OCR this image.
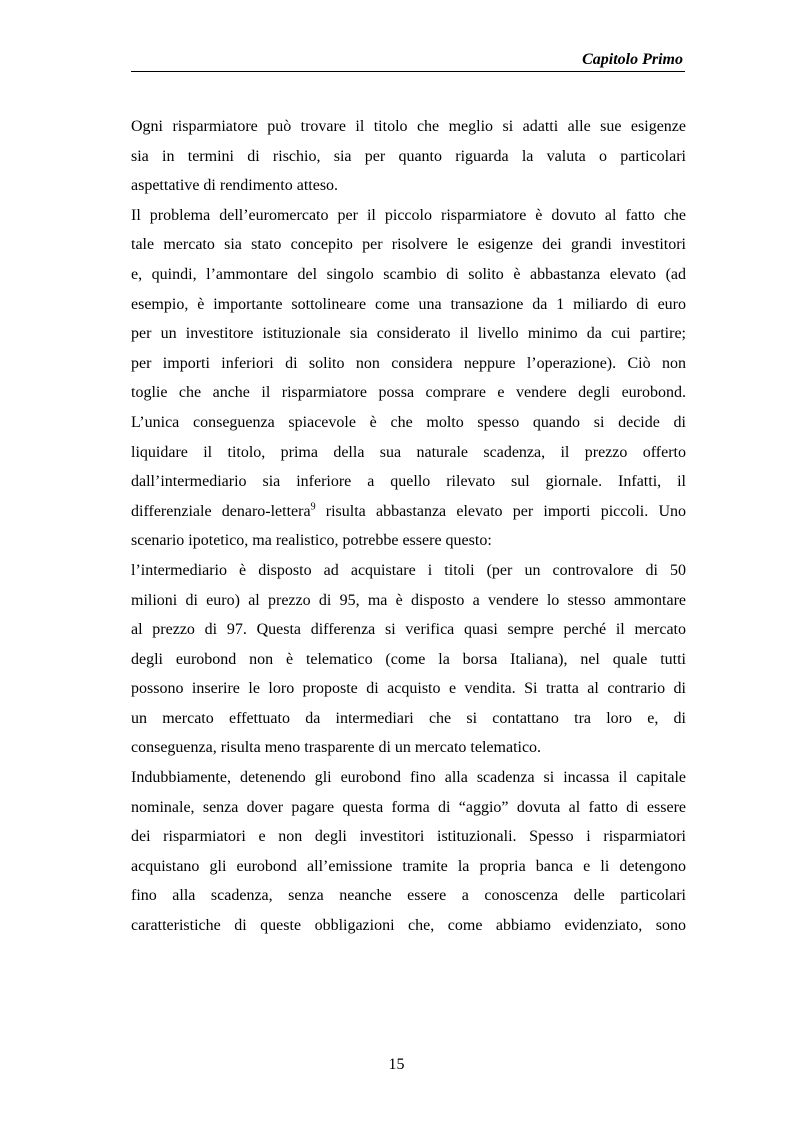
Capitolo Primo

Ogni risparmiatore può trovare il titolo che meglio si adatti alle sue esigenze
sia in termini di rischio, sia per quanto riguarda la valuta o particolari
aspettative di rendimento atteso.

Il problema dell’euromercato per il piccolo risparmiatore è dovuto al fatto che
tale mercato sia stato concepito per risolvere le esigenze dei grandi investitori
e, quindi, l’ammontare del singolo scambio di solito è abbastanza elevato (ad
esempio, è importante sottolineare come una transazione da 1 miliardo di euro
per un investitore istituzionale sia considerato il livello minimo da cui partire;
per importi inferiori di solito non considera neppure l’operazione). Ciò non
toglie che anche il risparmiatore possa comprare e vendere degli eurobond.
L’unica conseguenza spiacevole è che molto spesso quando si decide di
liquidare il titolo, prima della sua naturale scadenza, il prezzo offerto
dall’intermediario sia inferiore a quello rilevato sul giornale. Infatti, il
differenziale denaro-lettera$^9$ risulta abbastanza elevato per importi piccoli. Uno
scenario ipotetico, ma realistico, potrebbe essere questo:

l’intermediario è disposto ad acquistare i titoli (per un controvalore di 50
milioni di euro) al prezzo di 95, ma è disposto a vendere lo stesso ammontare
al prezzo di 97. Questa differenza si verifica quasi sempre perché il mercato
degli eurobond non è telematico (come la borsa Italiana), nel quale tutti
possono inserire le loro proposte di acquisto e vendita. Si tratta al contrario di
un mercato effettuato da intermediari che si contattano tra loro e, di
conseguenza, risulta meno trasparente di un mercato telematico.

Indubbiamente, detenendo gli eurobond fino alla scadenza si incassa il capitale
nominale, senza dover pagare questa forma di “aggio” dovuta al fatto di essere
dei risparmiatori e non degli investitori istituzionali. Spesso i risparmiatori
acquistano gli eurobond all’emissione tramite la propria banca e li detengono
fino alla scadenza, senza neanche essere a conoscenza delle particolari
caratteristiche di queste obbligazioni che, come abbiamo evidenziato, sono

15
